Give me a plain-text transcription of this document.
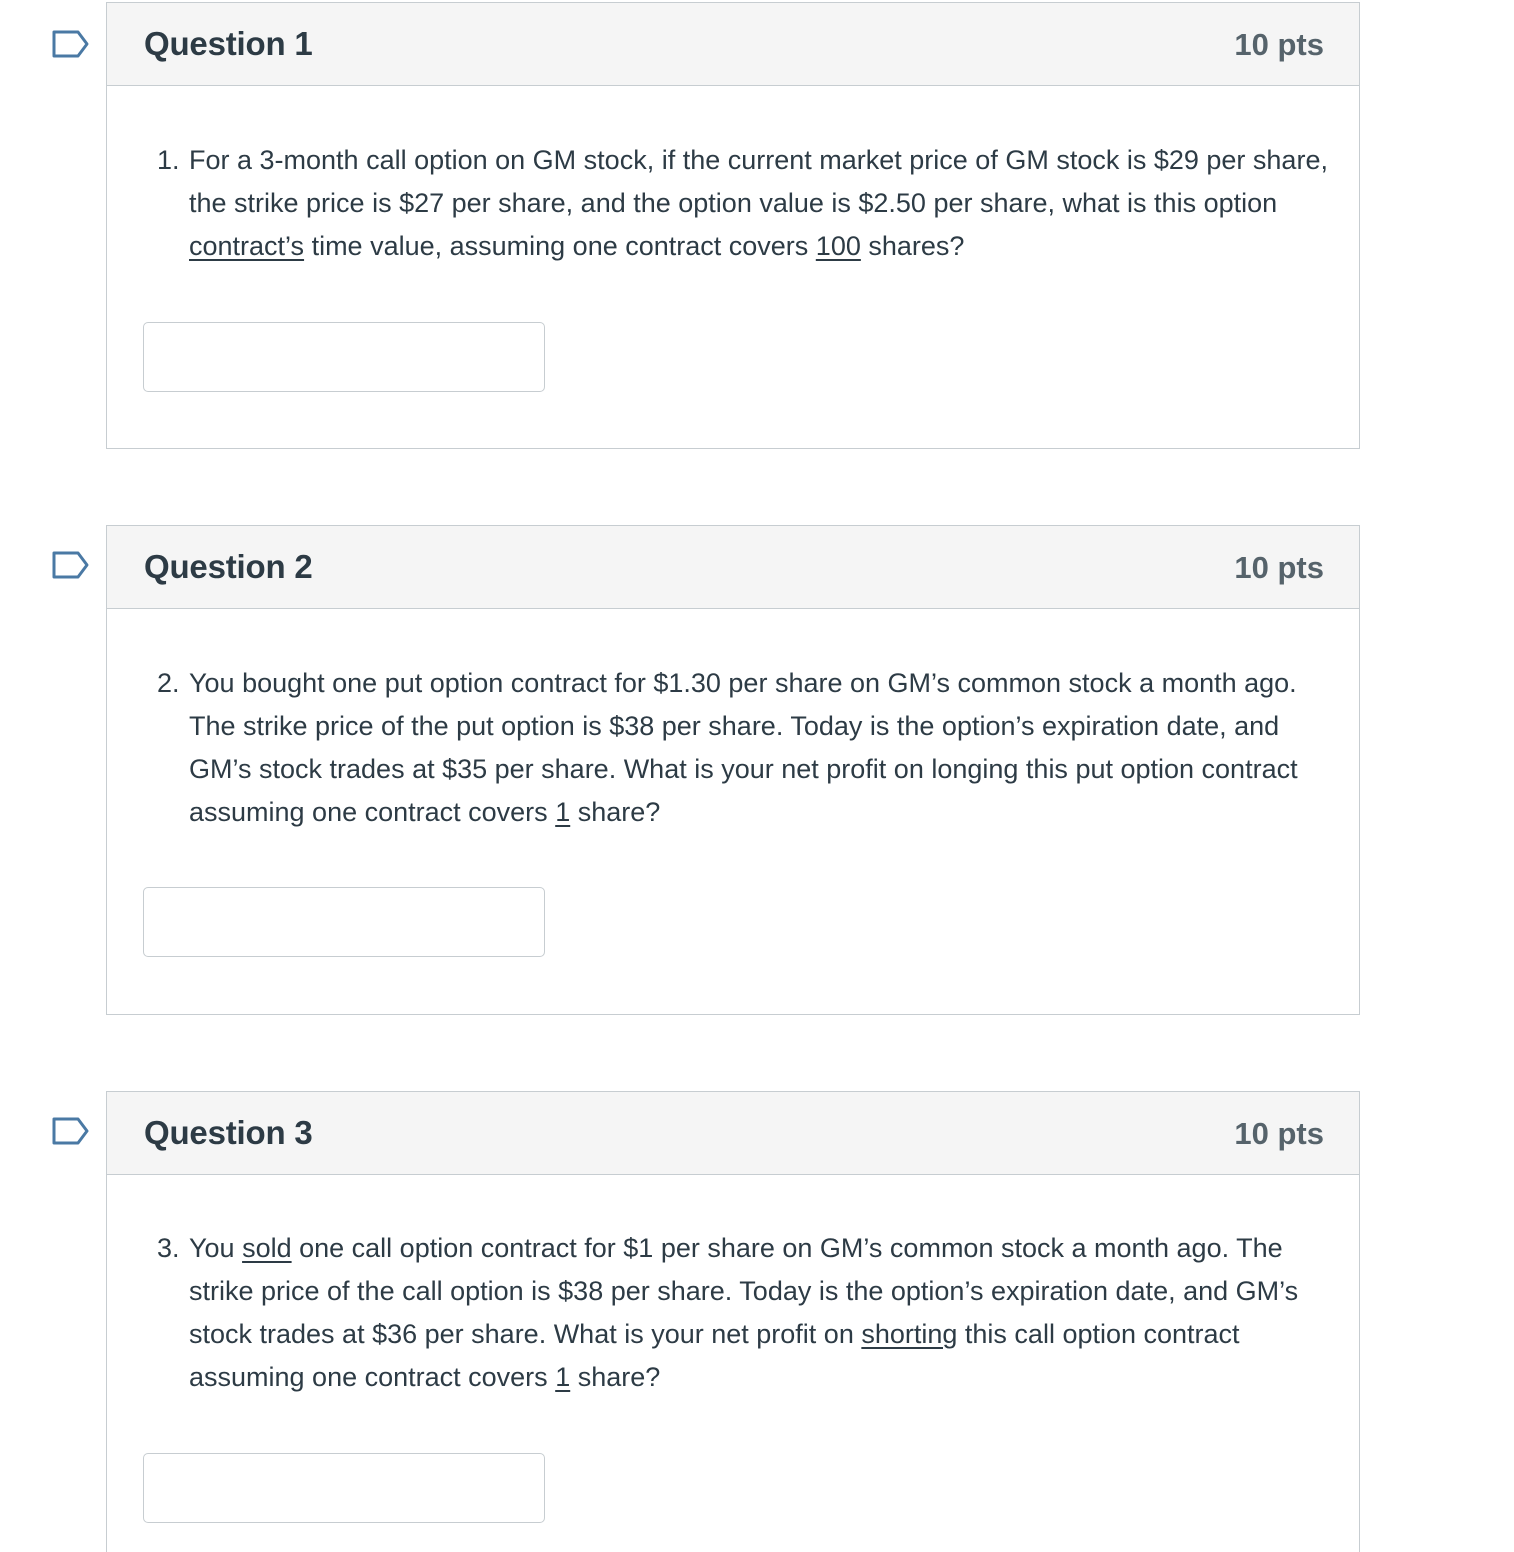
Question 1	10 pts
1. For a 3-month call option on GM stock, if the current market price of GM stock is $29 per share, the strike price is $27 per share, and the option value is $2.50 per share, what is this option contract’s time value, assuming one contract covers 100 shares?
Question 2	10 pts
2. You bought one put option contract for $1.30 per share on GM’s common stock a month ago. The strike price of the put option is $38 per share. Today is the option’s expiration date, and GM’s stock trades at $35 per share. What is your net profit on longing this put option contract assuming one contract covers 1 share?
Question 3	10 pts
3. You sold one call option contract for $1 per share on GM’s common stock a month ago. The strike price of the call option is $38 per share. Today is the option’s expiration date, and GM’s stock trades at $36 per share. What is your net profit on shorting this call option contract assuming one contract covers 1 share?
